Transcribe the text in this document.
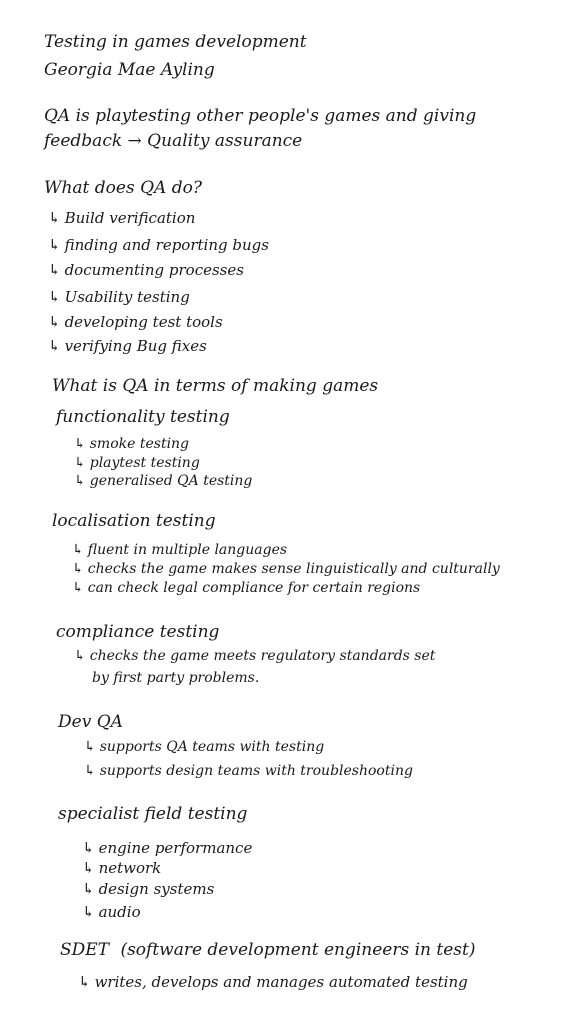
Testing in games development
Georgia Mae Ayling
QA is playtesting other people's games and giving
feedback → Quality assurance
What does QA do?
↳ Build verification
↳ finding and reporting bugs
↳ documenting processes
↳ Usability testing
↳ developing test tools
↳ verifying Bug fixes
What is QA in terms of making games
functionality testing
↳ smoke testing
↳ playtest testing
↳ generalised QA testing
localisation testing
↳ fluent in multiple languages
↳ checks the game makes sense linguistically and culturally
↳ can check legal compliance for certain regions
compliance testing
↳ checks the game meets regulatory standards set
by first party problems.
Dev QA
↳ supports QA teams with testing
↳ supports design teams with troubleshooting
specialist field testing
↳ engine performance
↳ network
↳ design systems
↳ audio
SDET (software development engineers in test)
↳ writes, develops and manages automated testing
